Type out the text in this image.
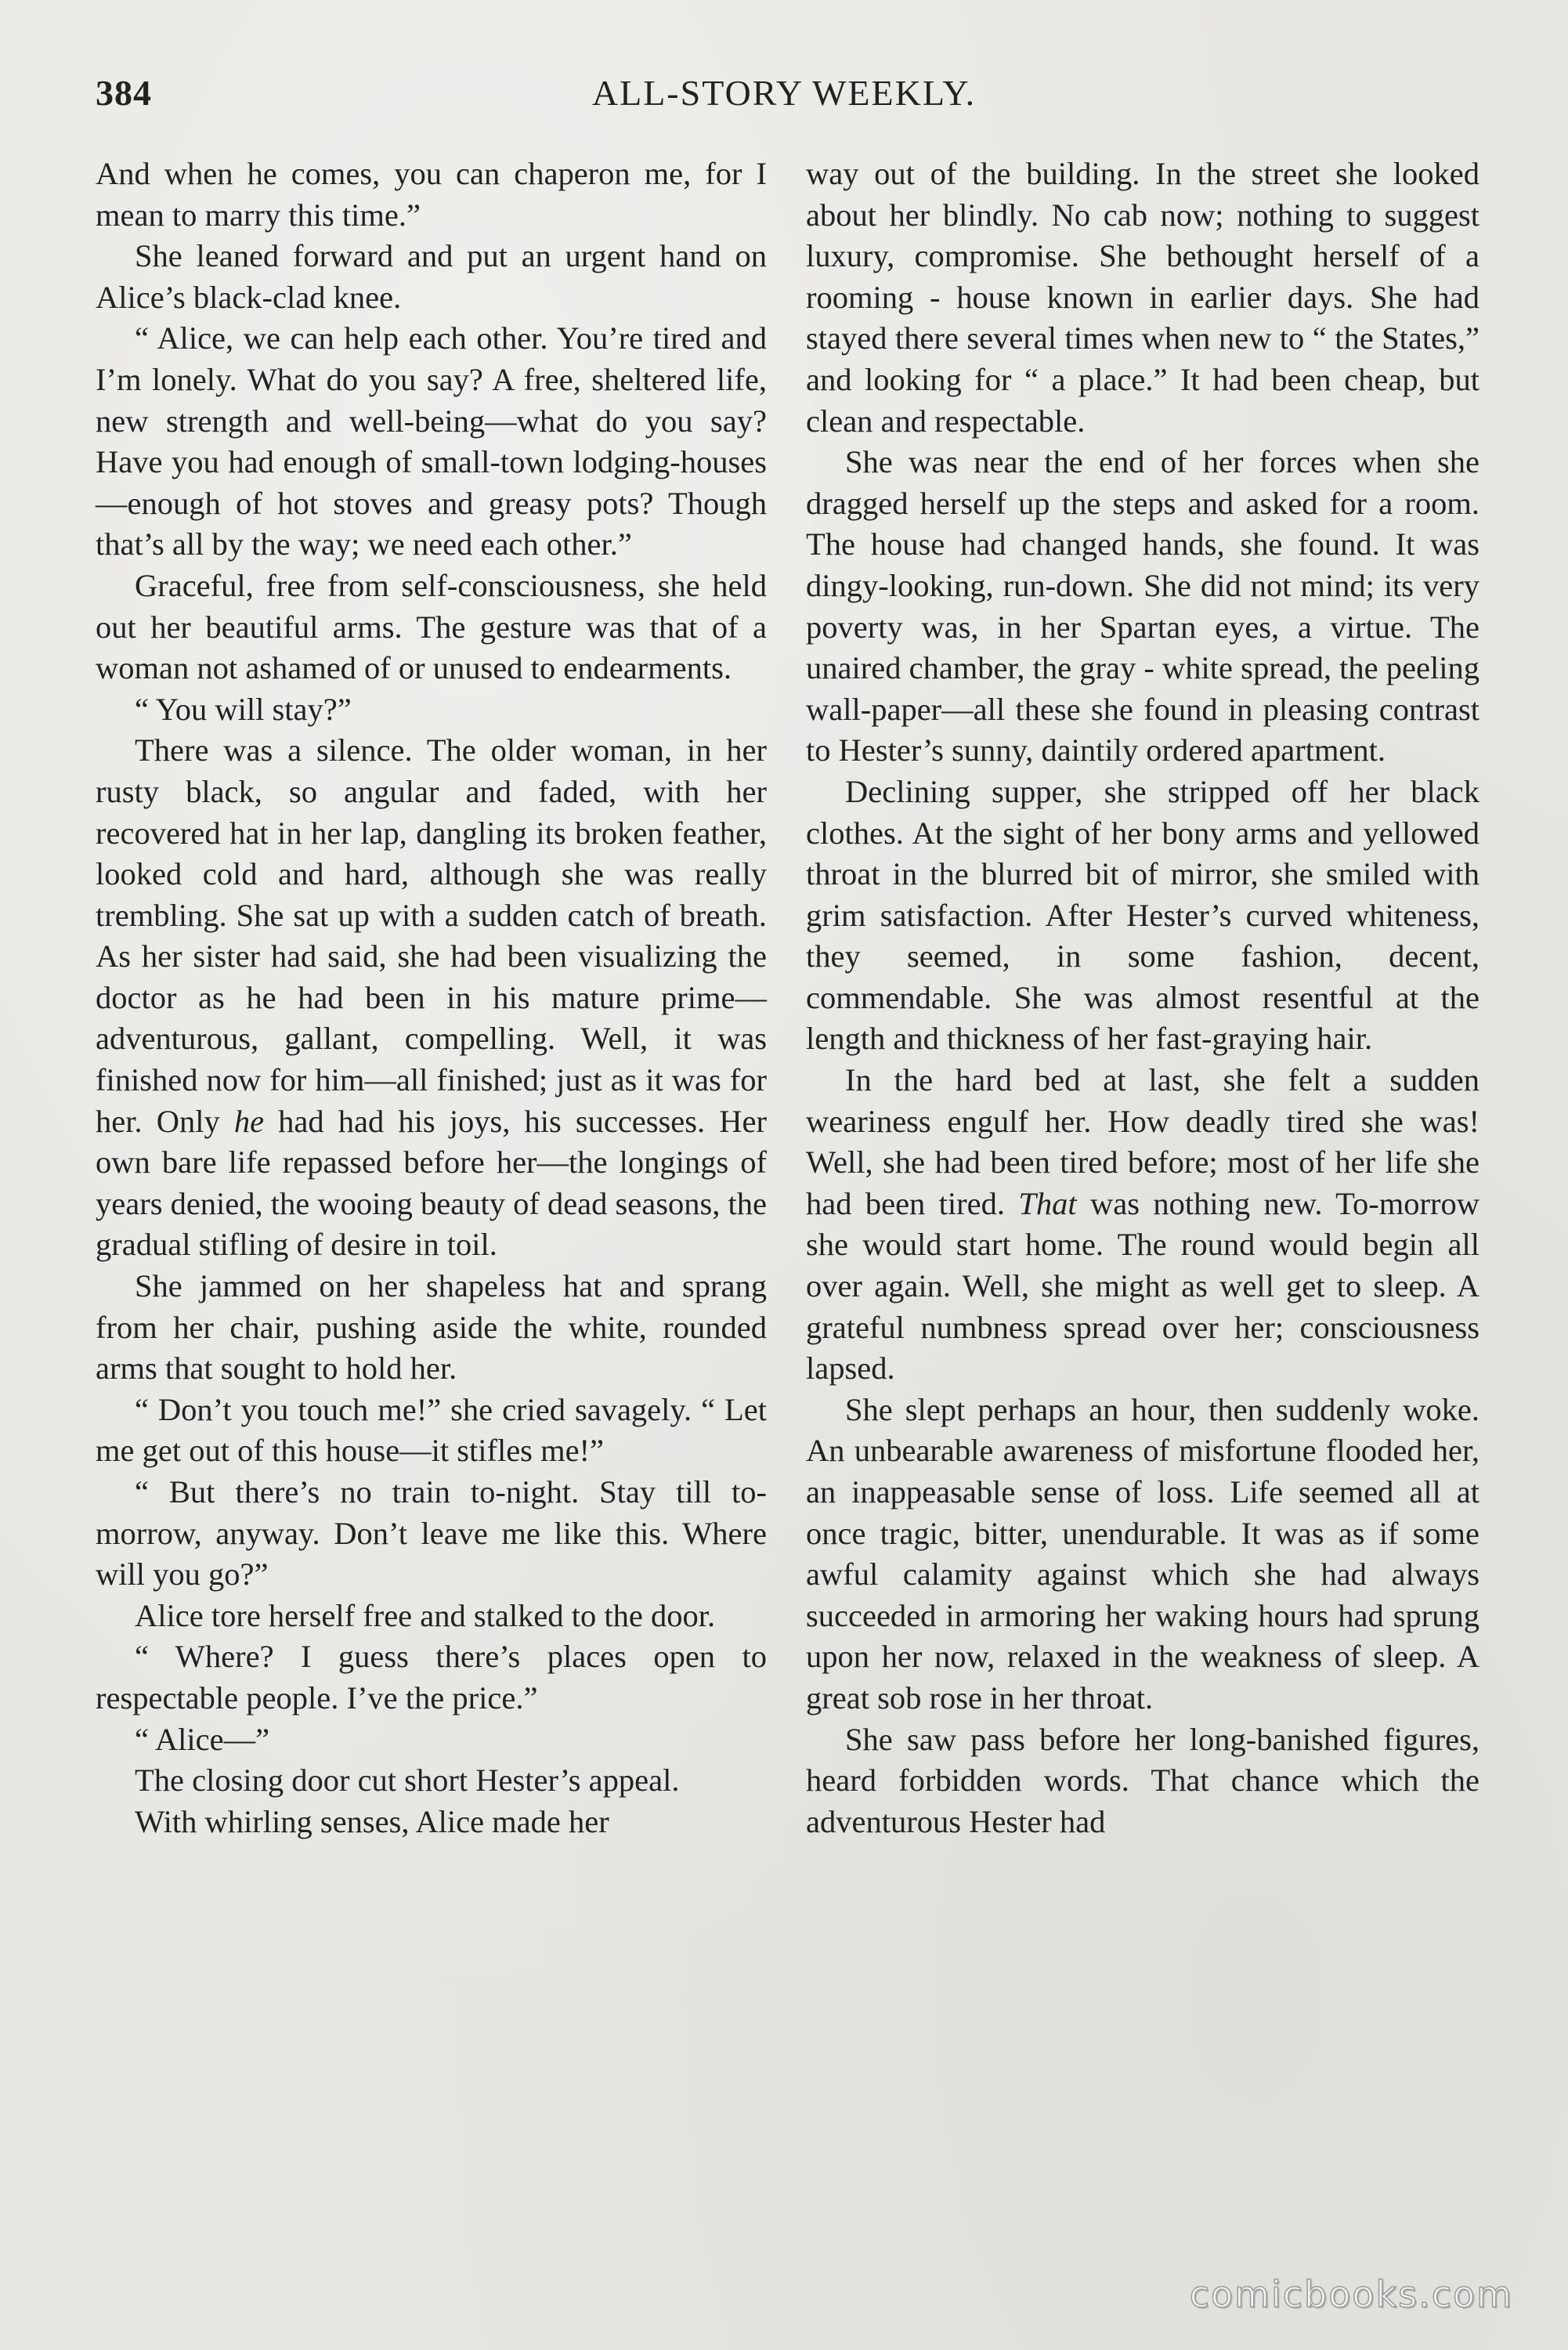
384	ALL-STORY WEEKLY.

And when he comes, you can chaperon me, for I mean to marry this time.”

She leaned forward and put an urgent hand on Alice’s black-clad knee.

“ Alice, we can help each other. You’re tired and I’m lonely. What do you say? A free, sheltered life, new strength and well-being—what do you say? Have you had enough of small-town lodging-houses —enough of hot stoves and greasy pots? Though that’s all by the way; we need each other.”

Graceful, free from self-consciousness, she held out her beautiful arms. The gesture was that of a woman not ashamed of or unused to endearments.

“ You will stay?”

There was a silence. The older woman, in her rusty black, so angular and faded, with her recovered hat in her lap, dangling its broken feather, looked cold and hard, although she was really trembling. She sat up with a sudden catch of breath. As her sister had said, she had been visualizing the doctor as he had been in his mature prime—adventurous, gallant, compelling. Well, it was finished now for him—all finished; just as it was for her. Only he had had his joys, his successes. Her own bare life repassed before her—the longings of years denied, the wooing beauty of dead seasons, the gradual stifling of desire in toil.

She jammed on her shapeless hat and sprang from her chair, pushing aside the white, rounded arms that sought to hold her.

“ Don’t you touch me!” she cried savagely. “ Let me get out of this house—it stifles me!”

“ But there’s no train to-night. Stay till to-morrow, anyway. Don’t leave me like this. Where will you go?”

Alice tore herself free and stalked to the door.

“ Where? I guess there’s places open to respectable people. I’ve the price.”

“ Alice—”

The closing door cut short Hester’s appeal.

With whirling senses, Alice made her

way out of the building. In the street she looked about her blindly. No cab now; nothing to suggest luxury, compromise. She bethought herself of a rooming - house known in earlier days. She had stayed there several times when new to “ the States,” and looking for “ a place.” It had been cheap, but clean and respectable.

She was near the end of her forces when she dragged herself up the steps and asked for a room. The house had changed hands, she found. It was dingy-looking, run-down. She did not mind; its very poverty was, in her Spartan eyes, a virtue. The unaired chamber, the gray - white spread, the peeling wall-paper—all these she found in pleasing contrast to Hester’s sunny, daintily ordered apartment.

Declining supper, she stripped off her black clothes. At the sight of her bony arms and yellowed throat in the blurred bit of mirror, she smiled with grim satisfaction. After Hester’s curved whiteness, they seemed, in some fashion, decent, commendable. She was almost resentful at the length and thickness of her fast-graying hair.

In the hard bed at last, she felt a sudden weariness engulf her. How deadly tired she was! Well, she had been tired before; most of her life she had been tired. That was nothing new. To-morrow she would start home. The round would begin all over again. Well, she might as well get to sleep. A grateful numbness spread over her; consciousness lapsed.

She slept perhaps an hour, then suddenly woke. An unbearable awareness of misfortune flooded her, an inappeasable sense of loss. Life seemed all at once tragic, bitter, unendurable. It was as if some awful calamity against which she had always succeeded in armoring her waking hours had sprung upon her now, relaxed in the weakness of sleep. A great sob rose in her throat.

She saw pass before her long-banished figures, heard forbidden words. That chance which the adventurous Hester had

comicbooks.com
